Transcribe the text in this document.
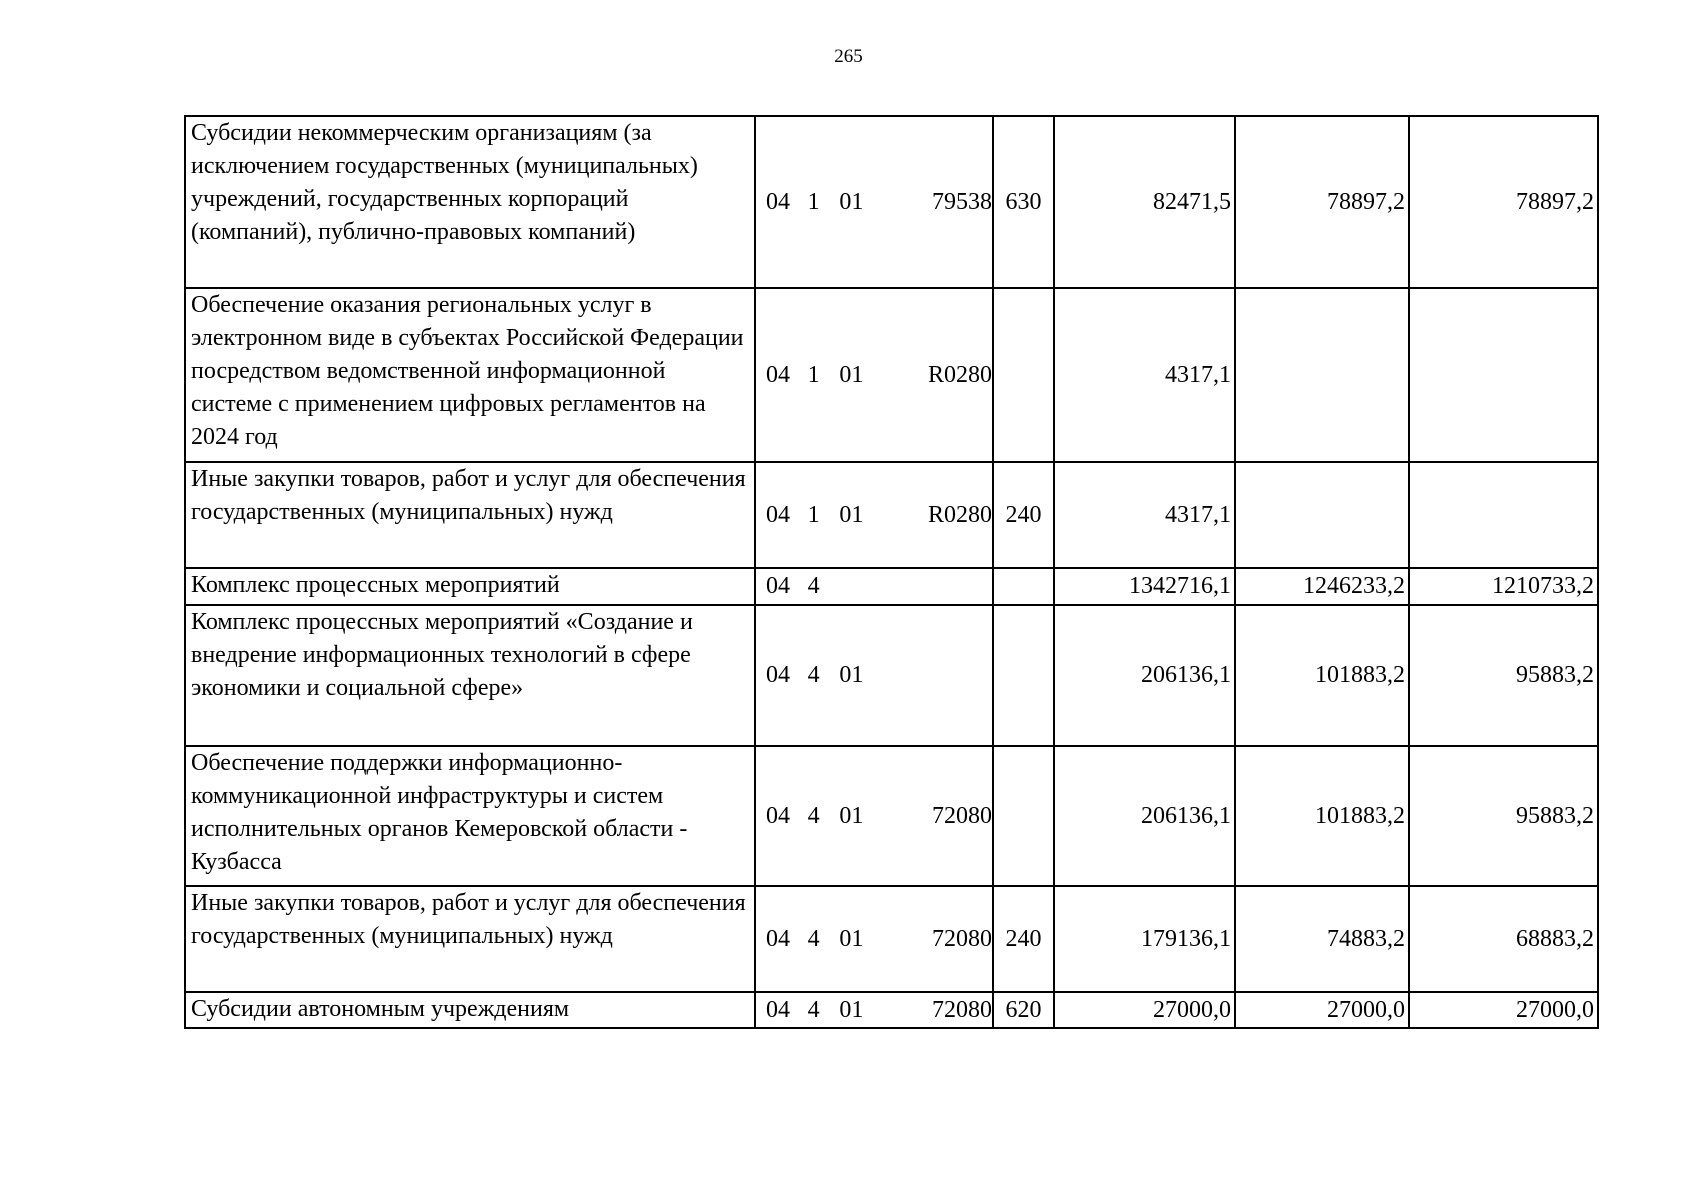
265
Субсидии некоммерческим организациям (за исключением государственных (муниципальных) учреждений, государственных корпораций (компаний), публично-правовых компаний)	04 1 01 79538	630	82471,5	78897,2	78897,2
Обеспечение оказания региональных услуг в электронном виде в субъектах Российской Федерации посредством ведомственной информационной системе с применением цифровых регламентов на 2024 год	04 1 01 R0280		4317,1		
Иные закупки товаров, работ и услуг для обеспечения государственных (муниципальных) нужд	04 1 01 R0280	240	4317,1		
Комплекс процессных мероприятий	04 4		1342716,1	1246233,2	1210733,2
Комплекс процессных мероприятий «Создание и внедрение информационных технологий в сфере экономики и социальной сфере»	04 4 01		206136,1	101883,2	95883,2
Обеспечение поддержки информационно-коммуникационной инфраструктуры и систем исполнительных органов Кемеровской области - Кузбасса	04 4 01 72080		206136,1	101883,2	95883,2
Иные закупки товаров, работ и услуг для обеспечения государственных (муниципальных) нужд	04 4 01 72080	240	179136,1	74883,2	68883,2
Субсидии автономным учреждениям	04 4 01 72080	620	27000,0	27000,0	27000,0
